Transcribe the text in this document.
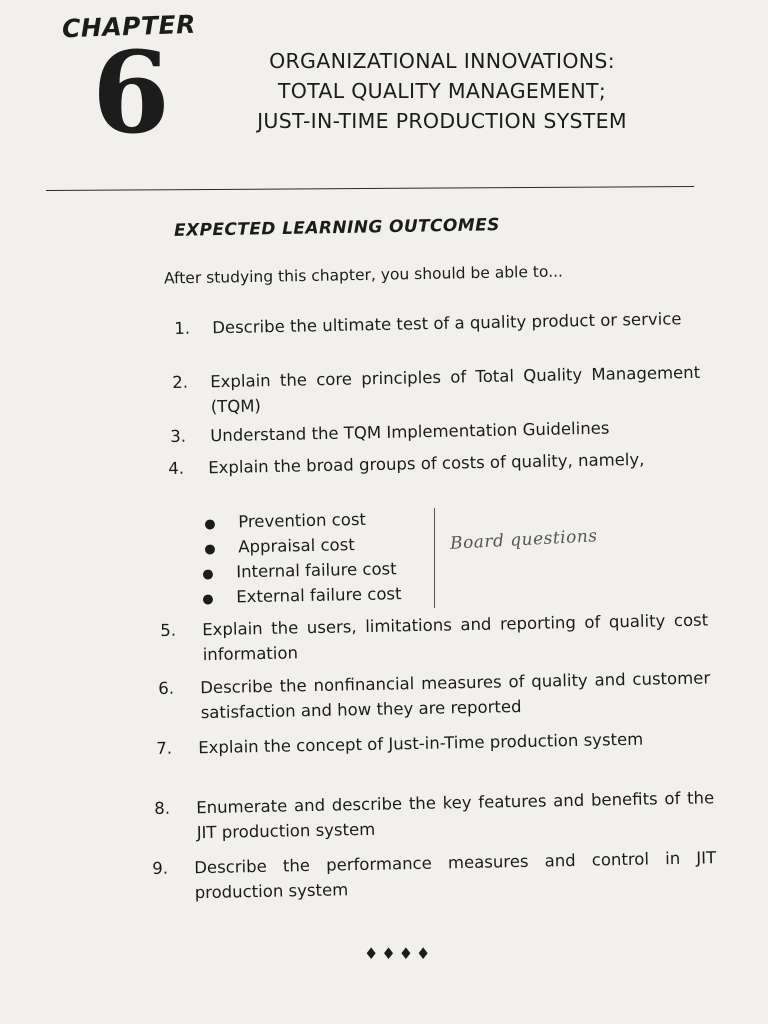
CHAPTER
6	ORGANIZATIONAL INNOVATIONS:
TOTAL QUALITY MANAGEMENT;
JUST-IN-TIME PRODUCTION SYSTEM
EXPECTED LEARNING OUTCOMES
After studying this chapter, you should be able to...
1.	Describe the ultimate test of a quality product or service
2.	Explain the core principles of Total Quality Management (TQM)
3.	Understand the TQM Implementation Guidelines
4.	Explain the broad groups of costs of quality, namely,
● Prevention cost
● Appraisal cost
● Internal failure cost
● External failure cost
5.	Explain the users, limitations and reporting of quality cost information
6.	Describe the nonfinancial measures of quality and customer satisfaction and how they are reported
7.	Explain the concept of Just-in-Time production system
8.	Enumerate and describe the key features and benefits of the JIT production system
9.	Describe the performance measures and control in JIT production system
Board questions
♦♦♦♦
